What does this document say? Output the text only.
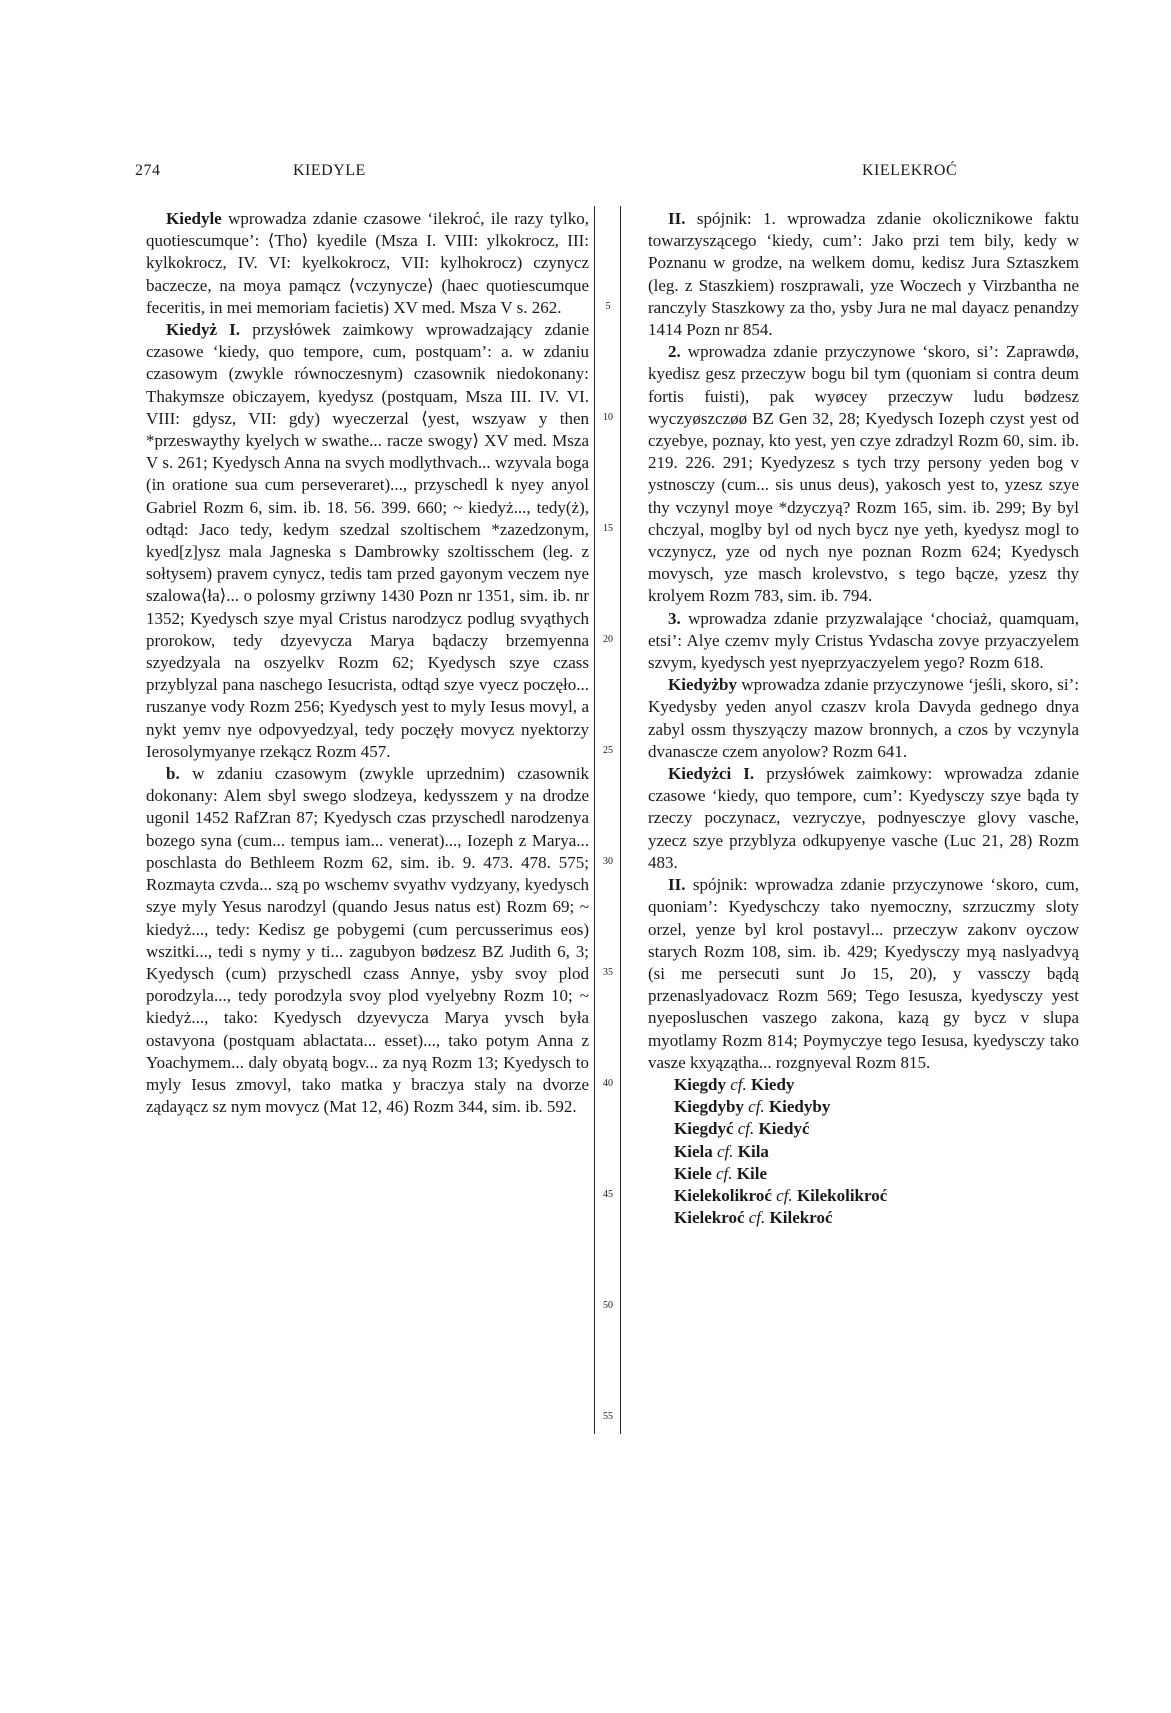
274	KIEDYLE	KIELEKROĆ
5
10
15
20
25
30
35
40
45
50
55

Kiedyle wprowadza zdanie czasowe ‘ilekroć, ile razy tylko, quotiescumque’: ⟨Tho⟩ kyedile (Msza I. VIII: ylkokrocz, III: kylkokrocz, IV. VI: kyelkokrocz, VII: kylhokrocz) czynycz baczecze, na moya pamącz ⟨vczynycze⟩ (haec quotiescumque feceritis, in mei memoriam facietis) XV med. Msza V s. 262.

Kiedyż I. przysłówek zaimkowy wprowadzający zdanie czasowe ‘kiedy, quo tempore, cum, postquam’: a. w zdaniu czasowym (zwykle równoczesnym) czasownik niedokonany: Thakymsze obiczayem, kyedysz (postquam, Msza III. IV. VI. VIII: gdysz, VII: gdy) wyeczerzal ⟨yest, wszyaw y then *przeswaythy kyelych w swathe... racze swogy⟩ XV med. Msza V s. 261; Kyedysch Anna na svych modlythvach... wzyvala boga (in oratione sua cum perseveraret)..., przyschedl k nyey anyol Gabriel Rozm 6, sim. ib. 18. 56. 399. 660; ~ kiedyż..., tedy(ż), odtąd: Jaco tedy, kedym szedzal szoltischem *zazedzonym, kyed[z]ysz mala Jagneska s Dambrowky szoltisschem (leg. z sołtysem) pravem cynycz, tedis tam przed gayonym veczem nye szalowa⟨ła⟩... o polosmy grziwny 1430 Pozn nr 1351, sim. ib. nr 1352; Kyedysch szye myal Cristus narodzycz podlug svyąthych prorokow, tedy dzyevycza Marya bądaczy brzemyenna szyedzyala na oszyelkv Rozm 62; Kyedysch szye czass przyblyzal pana naschego Iesucrista, odtąd szye vyecz poczęło... ruszanye vody Rozm 256; Kyedysch yest to myly Iesus movyl, a nykt yemv nye odpovyedzyal, tedy poczęły movycz nyektorzy Ierosolymyanye rzekącz Rozm 457.

b. w zdaniu czasowym (zwykle uprzednim) czasownik dokonany: Alem sbyl swego slodzeya, kedysszem y na drodze ugonil 1452 RafZran 87; Kyedysch czas przyschedl narodzenya bozego syna (cum... tempus iam... venerat)..., Iozeph z Marya... poschlasta do Bethleem Rozm 62, sim. ib. 9. 473. 478. 575; Rozmayta czvda... szą po wschemv svyathv vydzyany, kyedysch szye myly Yesus narodzyl (quando Jesus natus est) Rozm 69; ~ kiedyż..., tedy: Kedisz ge pobygemi (cum percusserimus eos) wszitki..., tedi s nymy y ti... zagubyon bødzesz BZ Judith 6, 3; Kyedysch (cum) przyschedl czass Annye, ysby svoy plod porodzyla..., tedy porodzyla svoy plod vyelyebny Rozm 10; ~ kiedyż..., tako: Kyedysch dzyevycza Marya yvsch była ostavyona (postquam ablactata... esset)..., tako potym Anna z Yoachymem... daly obyatą bogv... za nyą Rozm 13; Kyedysch to myly Iesus zmovyl, tako matka y braczya staly na dvorze ządayącz sz nym movycz (Mat 12, 46) Rozm 344, sim. ib. 592.

II. spójnik: 1. wprowadza zdanie okolicznikowe faktu towarzyszącego ‘kiedy, cum’: Jako przi tem bily, kedy w Poznanu w grodze, na welkem domu, kedisz Jura Sztaszkem (leg. z Staszkiem) roszprawali, yze Woczech y Virzbantha ne ranczyly Staszkowy za tho, ysby Jura ne mal dayacz penandzy 1414 Pozn nr 854.

2. wprowadza zdanie przyczynowe ‘skoro, si’: Zaprawdø, kyedisz gesz przeczyw bogu bil tym (quoniam si contra deum fortis fuisti), pak wyøcey przeczyw ludu bødzesz wyczyøszczøø BZ Gen 32, 28; Kyedysch Iozeph czyst yest od czyebye, poznay, kto yest, yen czye zdradzyl Rozm 60, sim. ib. 219. 226. 291; Kyedyzesz s tych trzy persony yeden bog v ystnosczy (cum... sis unus deus), yakosch yest to, yzesz szye thy vczynyl moye *dzyczyą? Rozm 165, sim. ib. 299; By byl chczyal, moglby byl od nych bycz nye yeth, kyedysz mogl to vczynycz, yze od nych nye poznan Rozm 624; Kyedysch movysch, yze masch krolevstvo, s tego bącze, yzesz thy krolyem Rozm 783, sim. ib. 794.

3. wprowadza zdanie przyzwalające ‘chociaż, quamquam, etsi’: Alye czemv myly Cristus Yvdascha zovye przyaczyelem szvym, kyedysch yest nyeprzyaczyelem yego? Rozm 618.

Kiedyżby wprowadza zdanie przyczynowe ‘jeśli, skoro, si’: Kyedysby yeden anyol czaszv krola Davyda gednego dnya zabyl ossm thyszyączy mazow bronnych, a czos by vczynyla dvanascze czem anyolow? Rozm 641.

Kiedyżci I. przysłówek zaimkowy: wprowadza zdanie czasowe ‘kiedy, quo tempore, cum’: Kyedysczy szye bąda ty rzeczy poczynacz, vezryczye, podnyesczye glovy vasche, yzecz szye przyblyza odkupyenye vasche (Luc 21, 28) Rozm 483.

II. spójnik: wprowadza zdanie przyczynowe ‘skoro, cum, quoniam’: Kyedyschczy tako nyemoczny, szrzuczmy sloty orzel, yenze byl krol postavyl... przeczyw zakonv oyczow starych Rozm 108, sim. ib. 429; Kyedysczy myą naslyadvyą (si me persecuti sunt Jo 15, 20), y vassczy bądą przenaslyadovacz Rozm 569; Tego Iesusza, kyedysczy yest nyeposluschen vaszego zakona, kazą gy bycz v slupa myotlamy Rozm 814; Poymyczye tego Iesusa, kyedysczy tako vasze kxyązątha... rozgnyeval Rozm 815.

Kiegdy cf. Kiedy

Kiegdyby cf. Kiedyby

Kiegdyć cf. Kiedyć

Kiela cf. Kila

Kiele cf. Kile

Kielekolikroć cf. Kilekolikroć

Kielekroć cf. Kilekroć
